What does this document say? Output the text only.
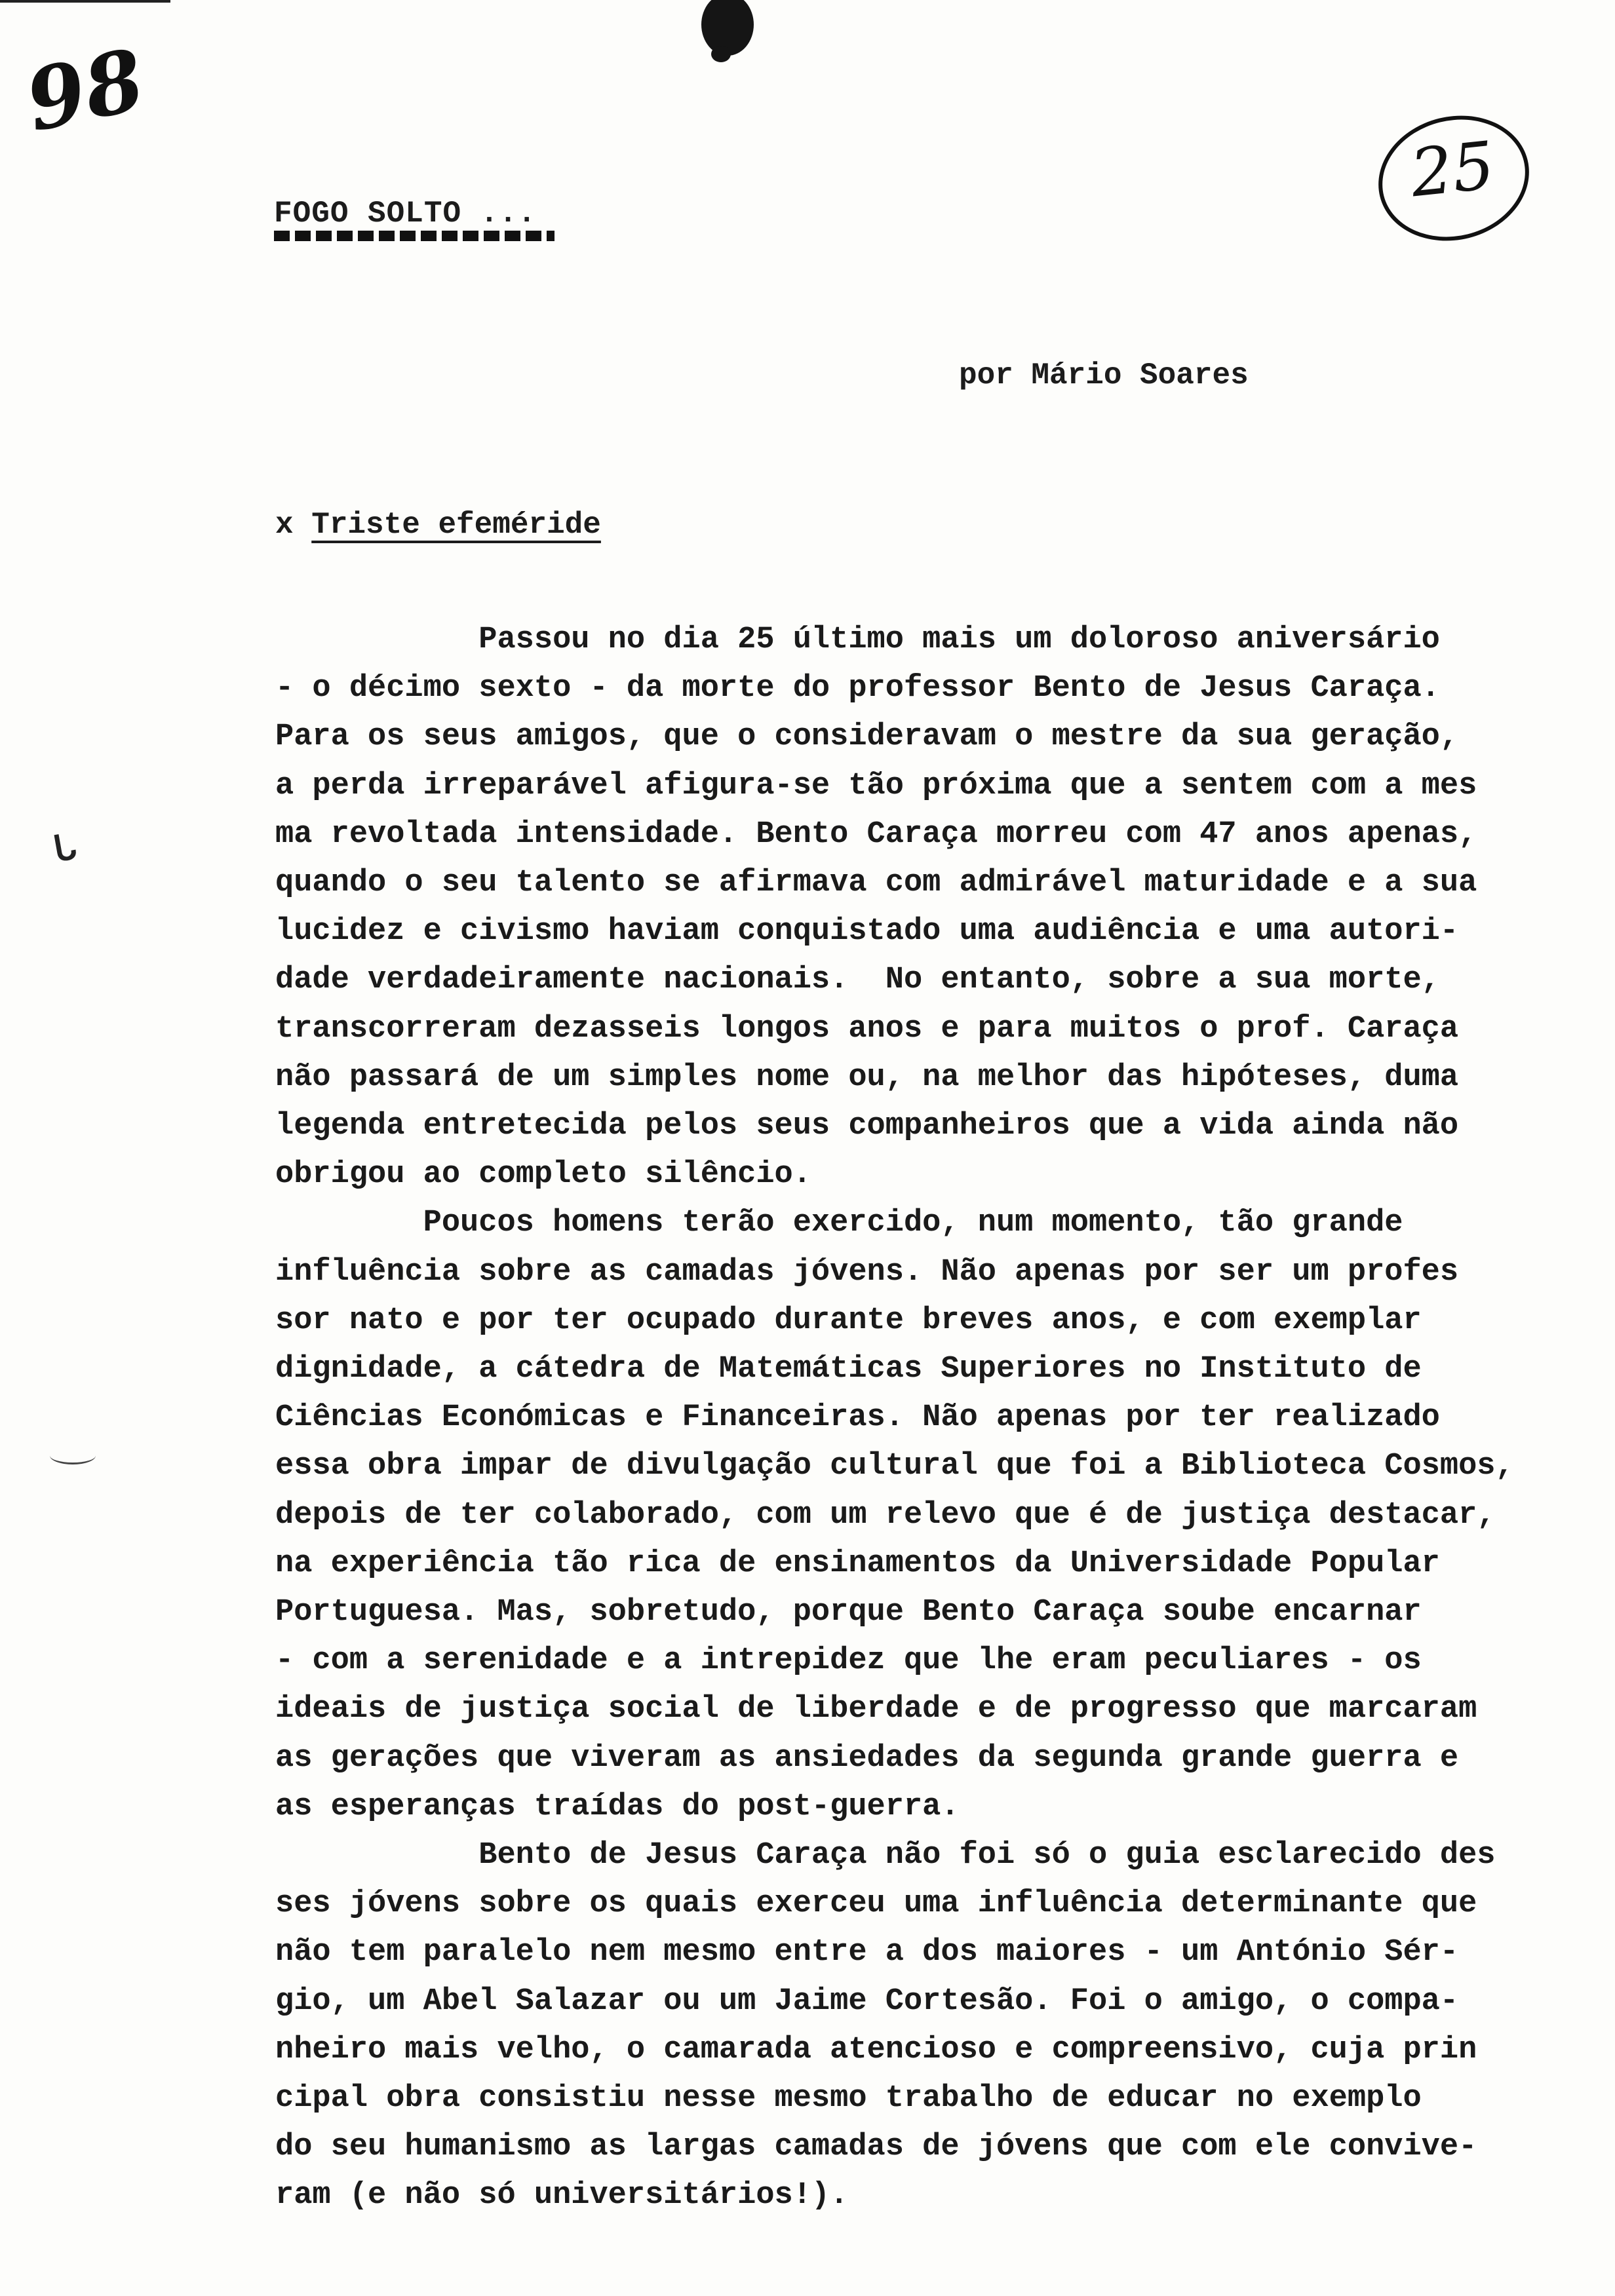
ᒐ
98
25
FOGO SOLTO ...
por Mário Soares
x Triste efeméride
Passou no dia 25 último mais um doloroso aniversário
- o décimo sexto - da morte do professor Bento de Jesus Caraça.
Para os seus amigos, que o consideravam o mestre da sua geração,
a perda irreparável afigura-se tão próxima que a sentem com a mes
ma revoltada intensidade. Bento Caraça morreu com 47 anos apenas,
quando o seu talento se afirmava com admirável maturidade e a sua
lucidez e civismo haviam conquistado uma audiência e uma autori-
dade verdadeiramente nacionais.  No entanto, sobre a sua morte,
transcorreram dezasseis longos anos e para muitos o prof. Caraça
não passará de um simples nome ou, na melhor das hipóteses, duma
legenda entretecida pelos seus companheiros que a vida ainda não
obrigou ao completo silêncio.
Poucos homens terão exercido, num momento, tão grande
influência sobre as camadas jóvens. Não apenas por ser um profes
sor nato e por ter ocupado durante breves anos, e com exemplar
dignidade, a cátedra de Matemáticas Superiores no Instituto de
Ciências Económicas e Financeiras. Não apenas por ter realizado
essa obra impar de divulgação cultural que foi a Biblioteca Cosmos,
depois de ter colaborado, com um relevo que é de justiça destacar,
na experiência tão rica de ensinamentos da Universidade Popular
Portuguesa. Mas, sobretudo, porque Bento Caraça soube encarnar
- com a serenidade e a intrepidez que lhe eram peculiares - os
ideais de justiça social de liberdade e de progresso que marcaram
as gerações que viveram as ansiedades da segunda grande guerra e
as esperanças traídas do post-guerra.
Bento de Jesus Caraça não foi só o guia esclarecido des
ses jóvens sobre os quais exerceu uma influência determinante que
não tem paralelo nem mesmo entre a dos maiores - um António Sér-
gio, um Abel Salazar ou um Jaime Cortesão. Foi o amigo, o compa-
nheiro mais velho, o camarada atencioso e compreensivo, cuja prin
cipal obra consistiu nesse mesmo trabalho de educar no exemplo
do seu humanismo as largas camadas de jóvens que com ele convive-
ram (e não só universitários!).
